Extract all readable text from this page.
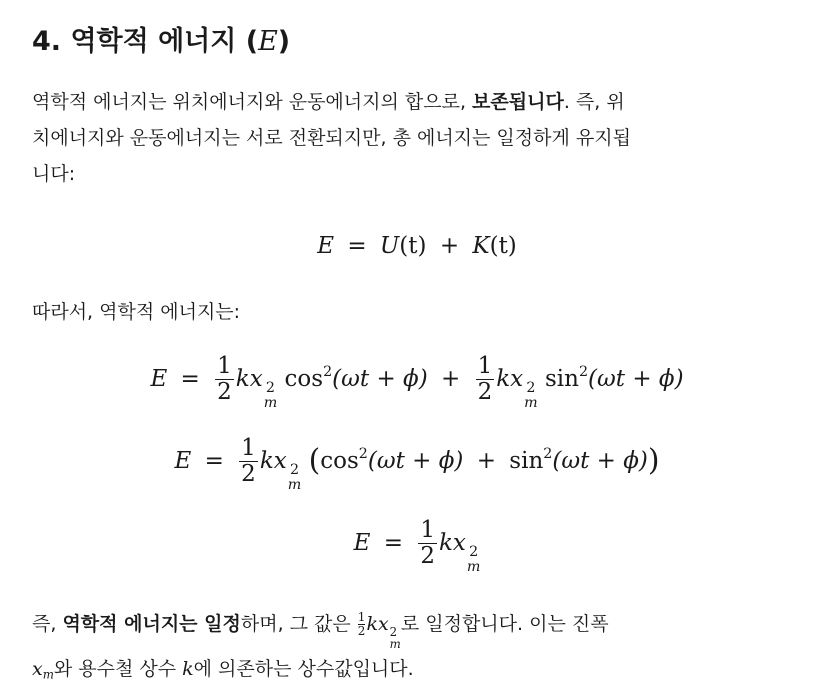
4. 역학적 에너지 (E)

역학적 에너지는 위치에너지와 운동에너지의 합으로, 보존됩니다. 즉, 위
치에너지와 운동에너지는 서로 전환되지만, 총 에너지는 일정하게 유지됩
니다:

E = U(t) + K(t)

따라서, 역학적 에너지는:

$E = \frac{1}{2}$ kx 2
m
$\cos^2(\omega t + \phi) + \frac{1}{2}$ kx 2
m
$\sin^2(\omega t + \phi)$
$E = \frac{1}{2}$ kx 2
m
$(\cos^2(\omega t + \phi) + \sin^2(\omega t + \phi))$
$E = \frac{1}{2}$ kx 2
m

즉, 역학적 에너지는 일정하며, 그 값은 $\frac{1}{2}$ kx 2
m
로 일정합니다. 이는 진폭
$x_m$와 용수철 상수 k에 의존하는 상수값입니다.
